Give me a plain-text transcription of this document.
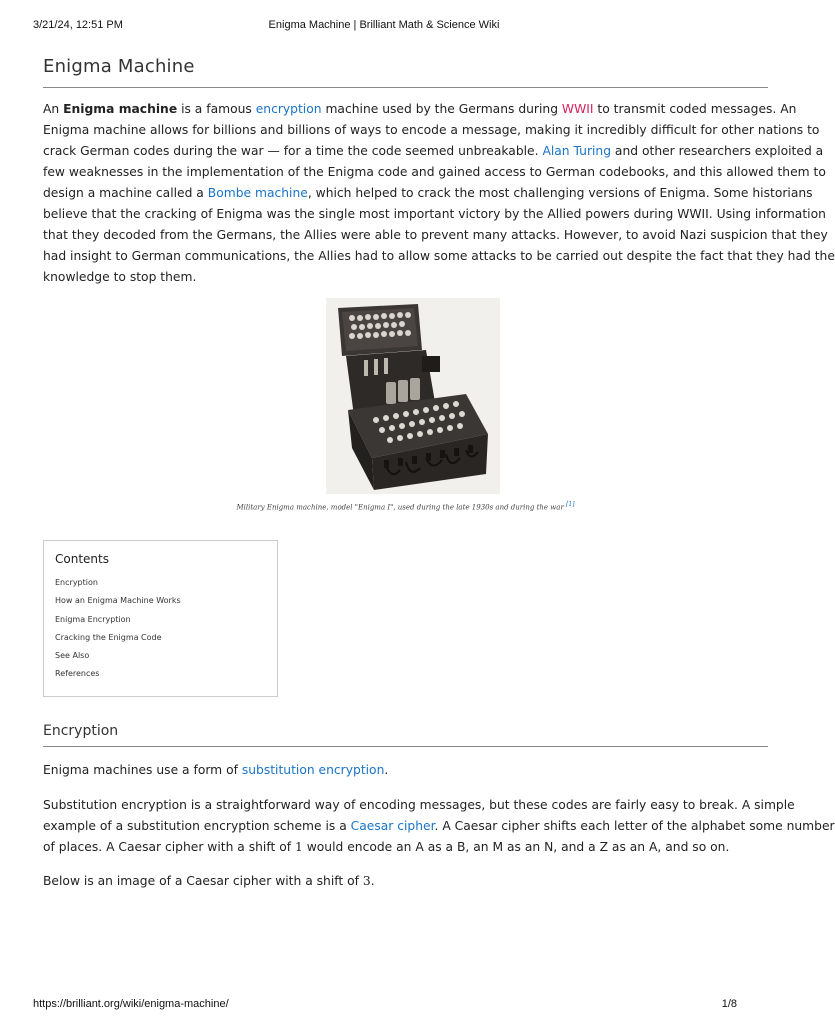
3/21/24, 12:51 PM	Enigma Machine | Brilliant Math & Science Wiki
Enigma Machine

An Enigma machine is a famous encryption machine used by the Germans during WWII to transmit coded messages. An
Enigma machine allows for billions and billions of ways to encode a message, making it incredibly difficult for other nations to
crack German codes during the war — for a time the code seemed unbreakable. Alan Turing and other researchers exploited a
few weaknesses in the implementation of the Enigma code and gained access to German codebooks, and this allowed them to
design a machine called a Bombe machine, which helped to crack the most challenging versions of Enigma. Some historians
believe that the cracking of Enigma was the single most important victory by the Allied powers during WWII. Using information
that they decoded from the Germans, the Allies were able to prevent many attacks. However, to avoid Nazi suspicion that they
had insight to German communications, the Allies had to allow some attacks to be carried out despite the fact that they had the
knowledge to stop them.

Military Enigma machine, model "Enigma I", used during the late 1930s and during the war [1]
Contents
Encryption
How an Enigma Machine Works
Enigma Encryption
Cracking the Enigma Code
See Also
References
Encryption

Enigma machines use a form of substitution encryption.

Substitution encryption is a straightforward way of encoding messages, but these codes are fairly easy to break. A simple
example of a substitution encryption scheme is a Caesar cipher. A Caesar cipher shifts each letter of the alphabet some number
of places. A Caesar cipher with a shift of 1 would encode an A as a B, an M as an N, and a Z as an A, and so on.

Below is an image of a Caesar cipher with a shift of 3.

https://brilliant.org/wiki/enigma-machine/	1/8
